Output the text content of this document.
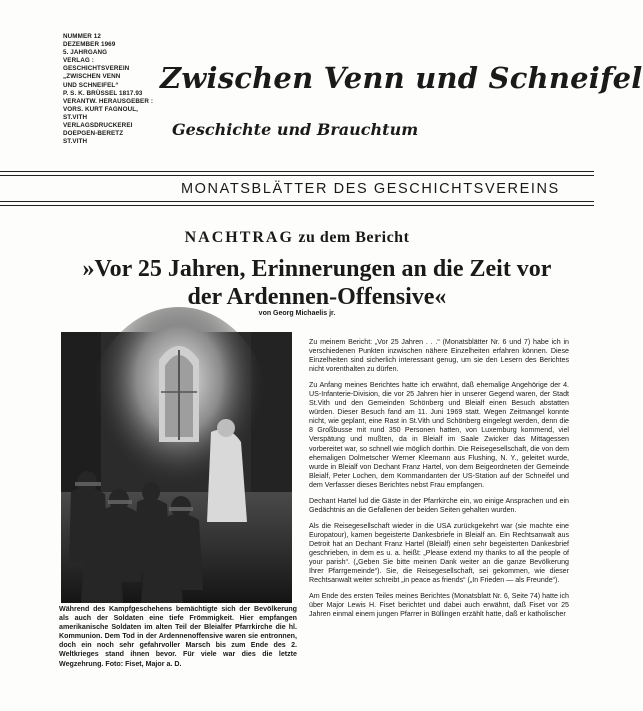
NUMMER 12
DEZEMBER 1969
5. JAHRGANG
VERLAG :
GESCHICHTSVEREIN
„ZWISCHEN VENN
UND SCHNEIFEL“
P. S. K. BRÜSSEL 1817.93
VERANTW. HERAUSGEBER :
VORS. KURT FAGNOUL,
ST.VITH
VERLAGSDRUCKEREI
DOEPGEN-BERETZ
ST.VITH
Zwischen Venn und Schneifel
Geschichte und Brauchtum
MONATSBLÄTTER DES GESCHICHTSVEREINS
NACHTRAG zu dem Bericht
»Vor 25 Jahren, Erinnerungen an die Zeit vor der Ardennen-Offensive«
von Georg Michaelis jr.

Während des Kampfgeschehens bemächtigte sich der Bevölkerung als auch der Soldaten eine tiefe Frömmigkeit. Hier empfangen amerikanische Soldaten im alten Teil der Bleialfer Pfarrkirche die hl. Kommunion. Dem Tod in der Ardennenoffensive waren sie entronnen, doch ein noch sehr gefahrvoller Marsch bis zum Ende des 2. Weltkrieges stand ihnen bevor. Für viele war dies die letzte Wegzehrung. Foto: Fiset, Major a. D.

Zu meinem Bericht: „Vor 25 Jahren . . .“ (Monatsblätter Nr. 6 und 7) habe ich in verschiedenen Punkten inzwischen nähere Einzelheiten erfahren können. Diese Einzelheiten sind sicherlich interessant genug, um sie den Lesern des Berichtes nicht vorenthalten zu dürfen.

Zu Anfang meines Berichtes hatte ich erwähnt, daß ehemalige Angehörige der 4. US-Infanterie-Division, die vor 25 Jahren hier in unserer Gegend waren, der Stadt St.Vith und den Gemeinden Schönberg und Bleialf einen Besuch abstatten würden. Dieser Besuch fand am 11. Juni 1969 statt. Wegen Zeitmangel konnte nicht, wie geplant, eine Rast in St.Vith und Schönberg eingelegt werden, denn die 8 Großbusse mit rund 350 Personen hatten, von Luxemburg kommend, viel Verspätung und mußten, da in Bleialf im Saale Zwicker das Mittagessen vorbereitet war, so schnell wie möglich dorthin. Die Reisegesellschaft, die von dem ehemaligen Dolmetscher Werner Kleemann aus Flushing, N. Y., geleitet wurde, wurde in Bleialf von Dechant Franz Hartel, von dem Beigeordneten der Gemeinde Bleialf, Peter Lochen, dem Kommandanten der US-Station auf der Schneifel und dem Verfasser dieses Berichtes nebst Frau empfangen.

Dechant Hartel lud die Gäste in der Pfarrkirche ein, wo einige Ansprachen und ein Gedächtnis an die Gefallenen der beiden Seiten gehalten wurden.

Als die Reisegesellschaft wieder in die USA zurückgekehrt war (sie machte eine Europatour), kamen begeisterte Dankesbriefe in Bleialf an. Ein Rechtsanwalt aus Detroit hat an Dechant Franz Hartel (Bleialf) einen sehr begeisterten Dankesbrief geschrieben, in dem es u. a. heißt: „Please extend my thanks to all the people of your parish“. („Geben Sie bitte meinen Dank weiter an die ganze Bevölkerung Ihrer Pfarrgemeinde“). Sie, die Reisegesellschaft, sei gekommen, wie dieser Rechtsanwalt weiter schreibt „in peace as friends“ („In Frieden — als Freunde“).

Am Ende des ersten Teiles meines Berichtes (Monatsblatt Nr. 6, Seite 74) hatte ich über Major Lewis H. Fiset berichtet und dabei auch erwähnt, daß Fiset vor 25 Jahren einmal einem jungen Pfarrer in Büllingen erzählt hatte, daß er katholischer
